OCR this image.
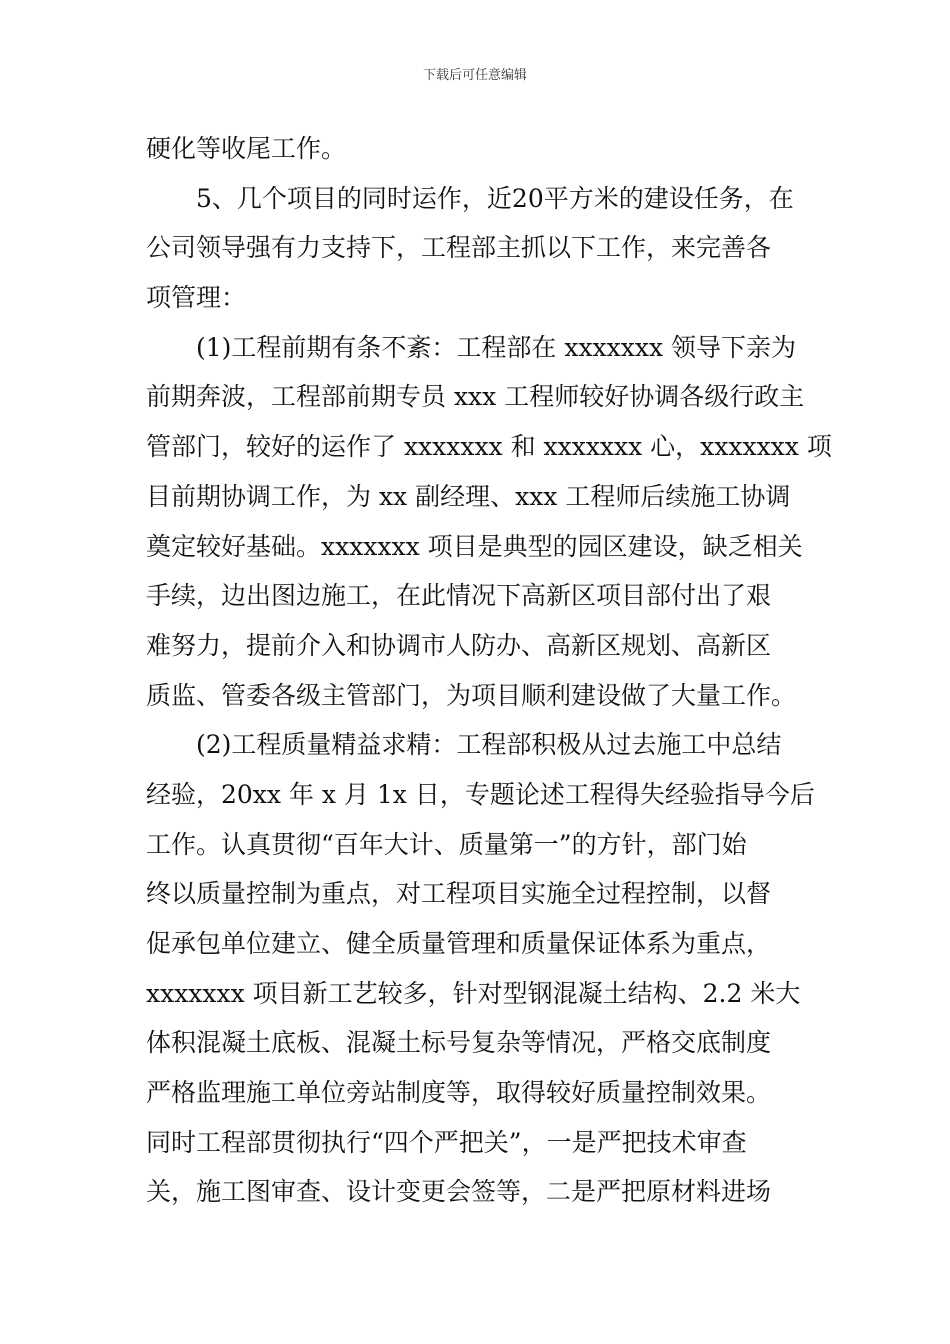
下载后可任意编辑
硬化等收尾工作。
5、几个项目的同时运作，近20平方米的建设任务，在
公司领导强有力支持下，工程部主抓以下工作，来完善各
项管理：
(1)工程前期有条不紊：工程部在 xxxxxxx 领导下亲为
前期奔波，工程部前期专员 xxx 工程师较好协调各级行政主
管部门，较好的运作了 xxxxxxx 和 xxxxxxx 心，xxxxxxx 项
目前期协调工作，为 xx 副经理、xxx 工程师后续施工协调
奠定较好基础。xxxxxxx 项目是典型的园区建设，缺乏相关
手续，边出图边施工，在此情况下高新区项目部付出了艰
难努力，提前介入和协调市人防办、高新区规划、高新区
质监、管委各级主管部门，为项目顺利建设做了大量工作。
(2)工程质量精益求精：工程部积极从过去施工中总结
经验，20xx 年 x 月 1x 日，专题论述工程得失经验指导今后
工作。认真贯彻“百年大计、质量第一”的方针，部门始
终以质量控制为重点，对工程项目实施全过程控制，以督
促承包单位建立、健全质量管理和质量保证体系为重点，
xxxxxxx 项目新工艺较多，针对型钢混凝土结构、2.2 米大
体积混凝土底板、混凝土标号复杂等情况，严格交底制度
严格监理施工单位旁站制度等，取得较好质量控制效果。
同时工程部贯彻执行“四个严把关”，一是严把技术审查
关，施工图审查、设计变更会签等，二是严把原材料进场
